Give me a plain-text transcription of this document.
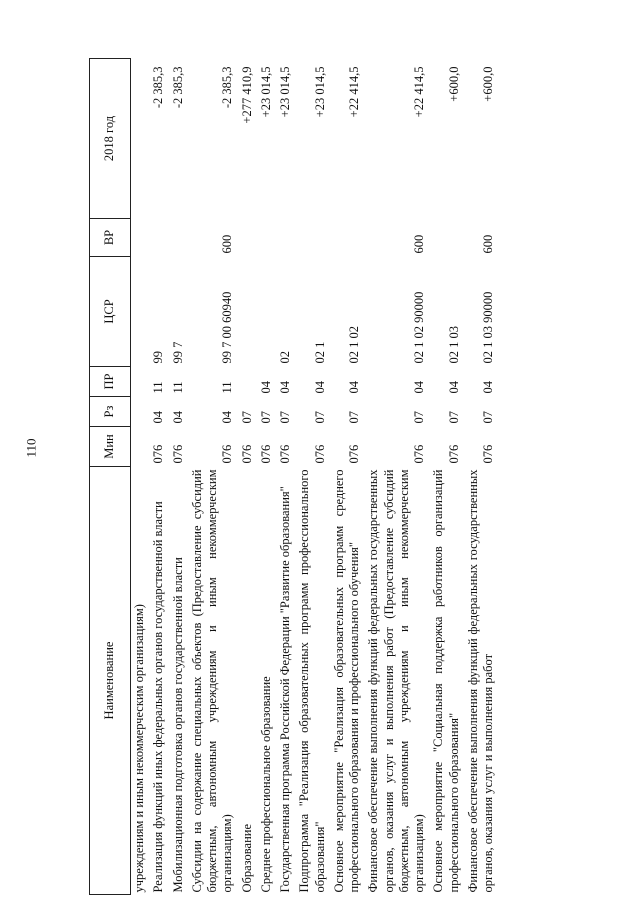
110
Наименование	Мин	Рз	ПР	ЦСР	ВР	2018 год
учреждениям и иным некоммерческим организациям)						
Реализация функций иных федеральных органов государственной власти	076	04	11	99		-2 385,3
Мобилизационная подготовка органов государственной власти	076	04	11	99 7		-2 385,3
Субсидии на содержание специальных объектов (Предоставление субсидий бюджетным, автономным учреждениям и иным некоммерческим организациям)	076	04	11	99 7 00 60940	600	-2 385,3
Образование	076	07				+277 410,9
Среднее профессиональное образование	076	07	04			+23 014,5
Государственная программа Российской Федерации "Развитие образования"	076	07	04	02		+23 014,5
Подпрограмма "Реализация образовательных программ профессионального образования"	076	07	04	02 1		+23 014,5
Основное мероприятие "Реализация образовательных программ среднего профессионального образования и профессионального обучения"	076	07	04	02 1 02		+22 414,5
Финансовое обеспечение выполнения функций федеральных государственных органов, оказания услуг и выполнения работ (Предоставление субсидий бюджетным, автономным учреждениям и иным некоммерческим организациям)	076	07	04	02 1 02 90000	600	+22 414,5
Основное мероприятие "Социальная поддержка работников организаций профессионального образования"	076	07	04	02 1 03		+600,0
Финансовое обеспечение выполнения функций федеральных государственных органов, оказания услуг и выполнения работ	076	07	04	02 1 03 90000	600	+600,0
